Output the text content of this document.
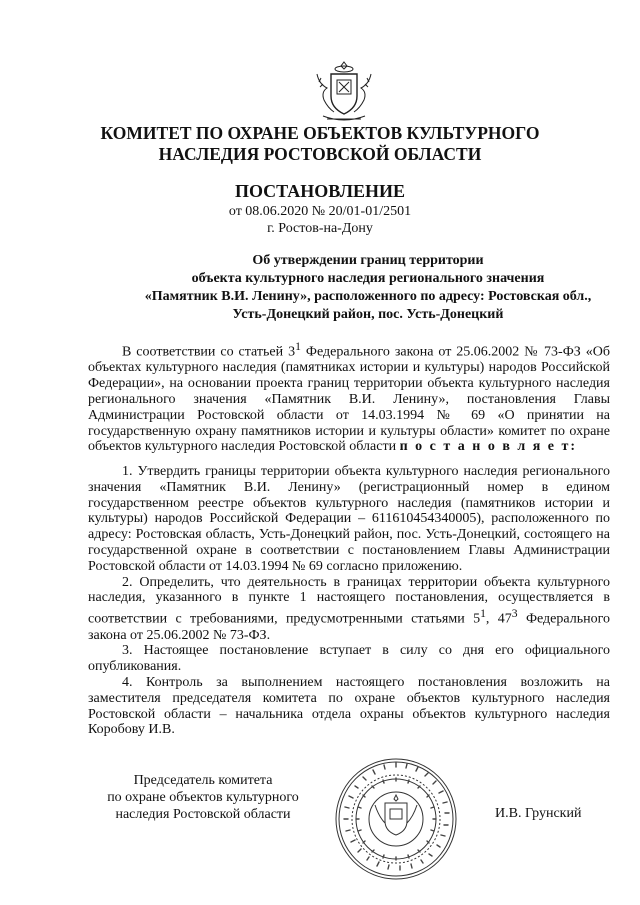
КОМИТЕТ ПО ОХРАНЕ ОБЪЕКТОВ КУЛЬТУРНОГО
НАСЛЕДИЯ РОСТОВСКОЙ ОБЛАСТИ
ПОСТАНОВЛЕНИЕ
от 08.06.2020 № 20/01-01/2501
г. Ростов-на-Дону
Об утверждении границ территории
объекта культурного наследия регионального значения
«Памятник В.И. Ленину», расположенного по адресу: Ростовская обл.,
Усть-Донецкий район, пос. Усть-Донецкий

В соответствии со статьей $3^1$ Федерального закона от 25.06.2002 № 73-ФЗ «Об объектах культурного наследия (памятниках истории и культуры) народов Российской Федерации», на основании проекта границ территории объекта культурного наследия регионального значения «Памятник В.И. Ленину», постановления Главы Администрации Ростовской области от 14.03.1994 № 69 «О принятии на государственную охрану памятников истории и культуры области» комитет по охране объектов культурного наследия Ростовской области п о с т а н о в л я е т:

1. Утвердить границы территории объекта культурного наследия регионального значения «Памятник В.И. Ленину» (регистрационный номер в едином государственном реестре объектов культурного наследия (памятников истории и культуры) народов Российской Федерации – 611610454340005), расположенного по адресу: Ростовская область, Усть-Донецкий район, пос. Усть-Донецкий, состоящего на государственной охране в соответствии с постановлением Главы Администрации Ростовской области от 14.03.1994 № 69 согласно приложению.

2. Определить, что деятельность в границах территории объекта культурного наследия, указанного в пункте 1 настоящего постановления, осуществляется в соответствии с требованиями, предусмотренными статьями $5^1$, $47^3$ Федерального закона от 25.06.2002 № 73-ФЗ.

3. Настоящее постановление вступает в силу со дня его официального опубликования.

4. Контроль за выполнением настоящего постановления возложить на заместителя председателя комитета по охране объектов культурного наследия Ростовской области – начальника отдела охраны объектов культурного наследия Коробову И.В.

Председатель комитета
по охране объектов культурного
наследия Ростовской области	И.В. Грунский
